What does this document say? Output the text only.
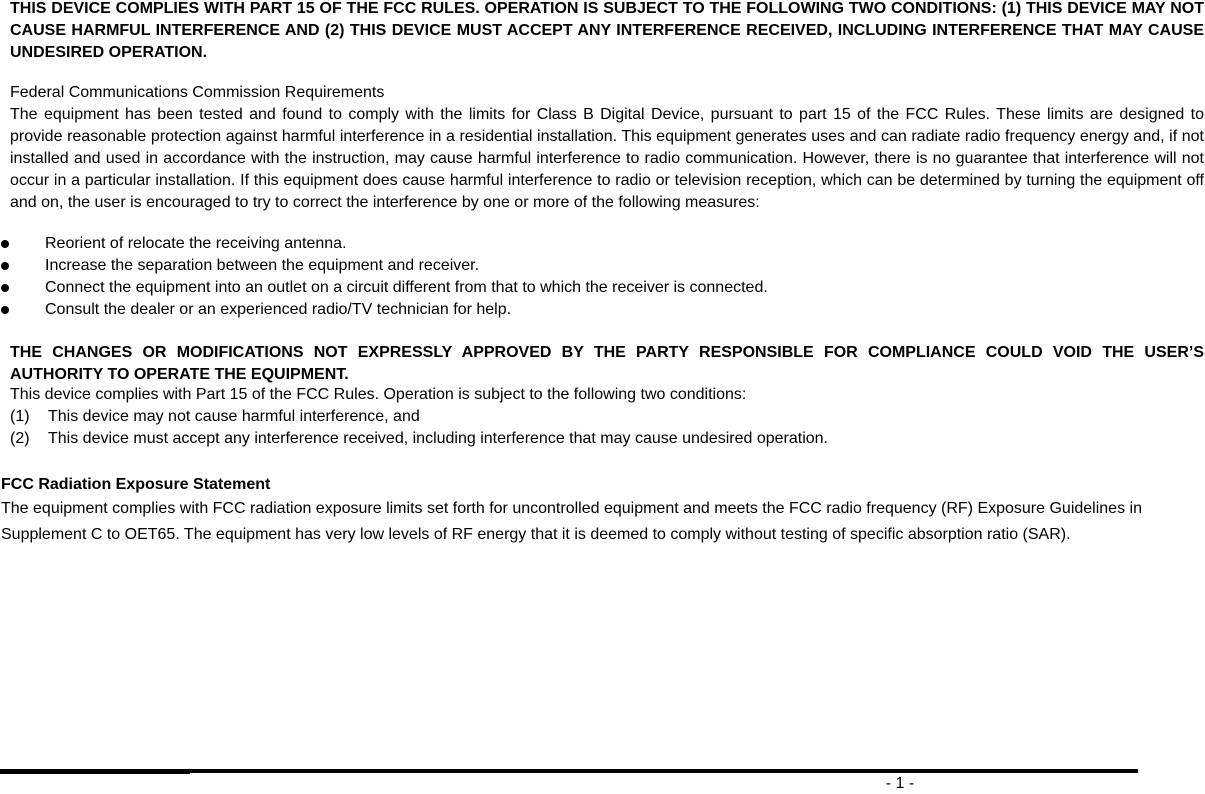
THIS DEVICE COMPLIES WITH PART 15 OF THE FCC RULES. OPERATION IS SUBJECT TO THE FOLLOWING TWO CONDITIONS: (1) THIS DEVICE MAY NOT CAUSE HARMFUL INTERFERENCE AND (2) THIS DEVICE MUST ACCEPT ANY INTERFERENCE RECEIVED, INCLUDING INTERFERENCE THAT MAY CAUSE UNDESIRED OPERATION.

Federal Communications Commission Requirements

The equipment has been tested and found to comply with the limits for Class B Digital Device, pursuant to part 15 of the FCC Rules. These limits are designed to provide reasonable protection against harmful interference in a residential installation. This equipment generates uses and can radiate radio frequency energy and, if not installed and used in accordance with the instruction, may cause harmful interference to radio communication. However, there is no guarantee that interference will not occur in a particular installation. If this equipment does cause harmful interference to radio or television reception, which can be determined by turning the equipment off and on, the user is encouraged to try to correct the interference by one or more of the following measures:

Reorient of relocate the receiving antenna.
Increase the separation between the equipment and receiver.
Connect the equipment into an outlet on a circuit different from that to which the receiver is connected.
Consult the dealer or an experienced radio/TV technician for help.

THE CHANGES OR MODIFICATIONS NOT EXPRESSLY APPROVED BY THE PARTY RESPONSIBLE FOR COMPLIANCE COULD VOID THE USER’S AUTHORITY TO OPERATE THE EQUIPMENT.

This device complies with Part 15 of the FCC Rules. Operation is subject to the following two conditions:

(1) This device may not cause harmful interference, and
(2) This device must accept any interference received, including interference that may cause undesired operation.

FCC Radiation Exposure Statement

The equipment complies with FCC radiation exposure limits set forth for uncontrolled equipment and meets the FCC radio frequency (RF) Exposure Guidelines in Supplement C to OET65. The equipment has very low levels of RF energy that it is deemed to comply without testing of specific absorption ratio (SAR).

- 1 -
